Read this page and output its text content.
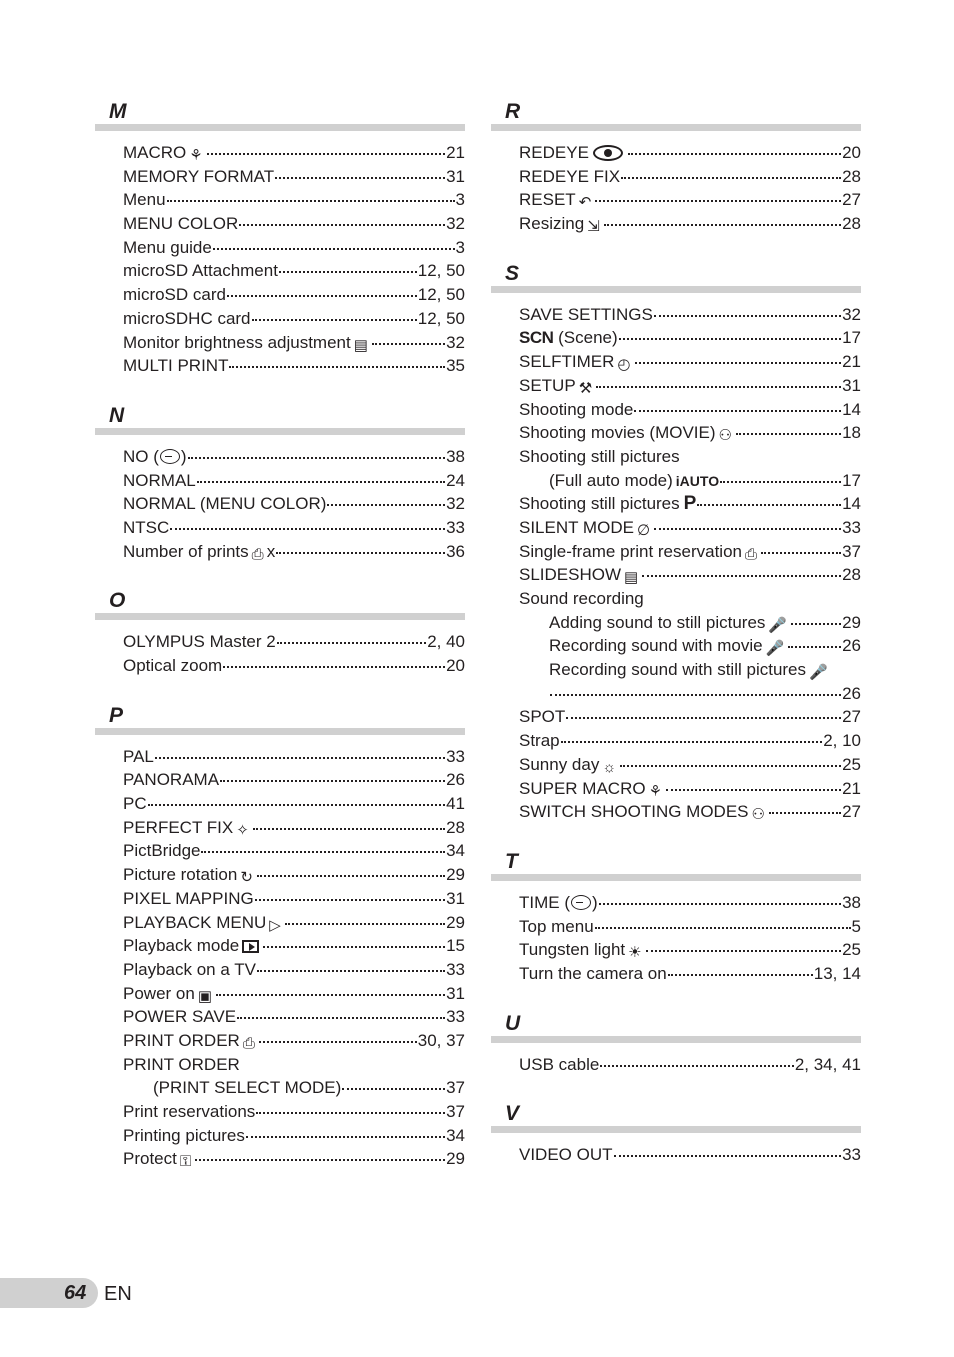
M
MACRO ⚘	21
MEMORY FORMAT	31
Menu	3
MENU COLOR	32
Menu guide	3
microSD Attachment	12, 50
microSD card	12, 50
microSDHC card	12, 50
Monitor brightness adjustment ▤	32
MULTI PRINT	35
N
NO ( )	38
NORMAL	24
NORMAL (MENU COLOR)	32
NTSC	33
Number of prints ⎙ x	36
O
OLYMPUS Master 2	2, 40
Optical zoom	20
P
PAL	33
PANORAMA	26
PC	41
PERFECT FIX ✧	28
PictBridge	34
Picture rotation ↻	29
PIXEL MAPPING	31
PLAYBACK MENU ▷	29
Playback mode	15
Playback on a TV	33
Power on ▣	31
POWER SAVE	33
PRINT ORDER ⎙	30, 37
PRINT ORDER
(PRINT SELECT MODE)	37
Print reservations	37
Printing pictures	34
Protect ⚿	29
R
REDEYE	20
REDEYE FIX	28
RESET ↶	27
Resizing ⇲	28
S
SAVE SETTINGS	32
SCN (Scene)	17
SELFTIMER ◴	21
SETUP ⚒	31
Shooting mode	14
Shooting movies (MOVIE) ⚇	18
Shooting still pictures
(Full auto mode) iAUTO	17
Shooting still pictures P	14
SILENT MODE ∅	33
Single-frame print reservation ⎙	37
SLIDESHOW ▤	28
Sound recording
Adding sound to still pictures 🎤	29
Recording sound with movie 🎤	26
Recording sound with still pictures 🎤
26
SPOT	27
Strap	2, 10
Sunny day ☼	25
SUPER MACRO ⚘	21
SWITCH SHOOTING MODES ⚇	27
T
TIME ( )	38
Top menu	5
Tungsten light ☀	25
Turn the camera on	13, 14
U
USB cable	2, 34, 41
V
VIDEO OUT	33
64 EN
